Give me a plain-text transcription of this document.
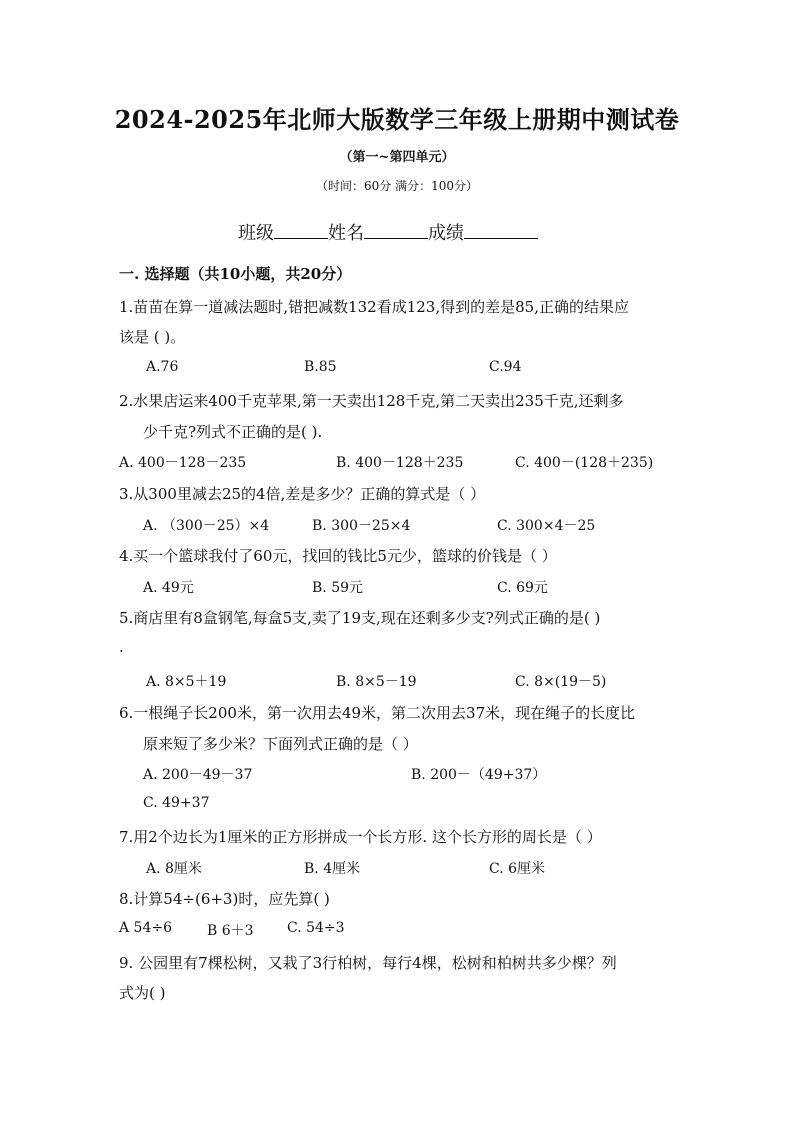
2024-2025年北师大版数学三年级上册期中测试卷
（第一~第四单元）
（时间：60分 满分：100分）
班级	姓名	成绩
一. 选择题（共10小题，共20分）
1.苗苗在算一道减法题时,错把减数132看成123,得到的差是85,正确的结果应
该是 ( )。
A.76	B.85	C.94
2.水果店运来400千克苹果,第一天卖出128千克,第二天卖出235千克,还剩多
少千克?列式不正确的是( ).
A. 400－128－235	B. 400－128＋235	C. 400－(128＋235)
3.从300里减去25的4倍,差是多少？正确的算式是（ ）
A. （300－25）×4	B. 300－25×4	C. 300×4－25
4.买一个篮球我付了60元，找回的钱比5元少，篮球的价钱是（ ）
A. 49元	B. 59元	C. 69元
5.商店里有8盒钢笔,每盒5支,卖了19支,现在还剩多少支?列式正确的是( )
.
A. 8×5＋19	B. 8×5－19	C. 8×(19－5)
6.一根绳子长200米，第一次用去49米，第二次用去37米，现在绳子的长度比
原来短了多少米？下面列式正确的是（ ）
A. 200－49－37	B. 200－（49+37）
C. 49+37
7.用2个边长为1厘米的正方形拼成一个长方形. 这个长方形的周长是（ ）
A. 8厘米	B. 4厘米	C. 6厘米
8.计算54÷(6+3)时，应先算( )
A 54÷6 B 6＋3 C. 54÷3
9. 公园里有7棵松树，又栽了3行柏树，每行4棵，松树和柏树共多少棵？列
式为( )
